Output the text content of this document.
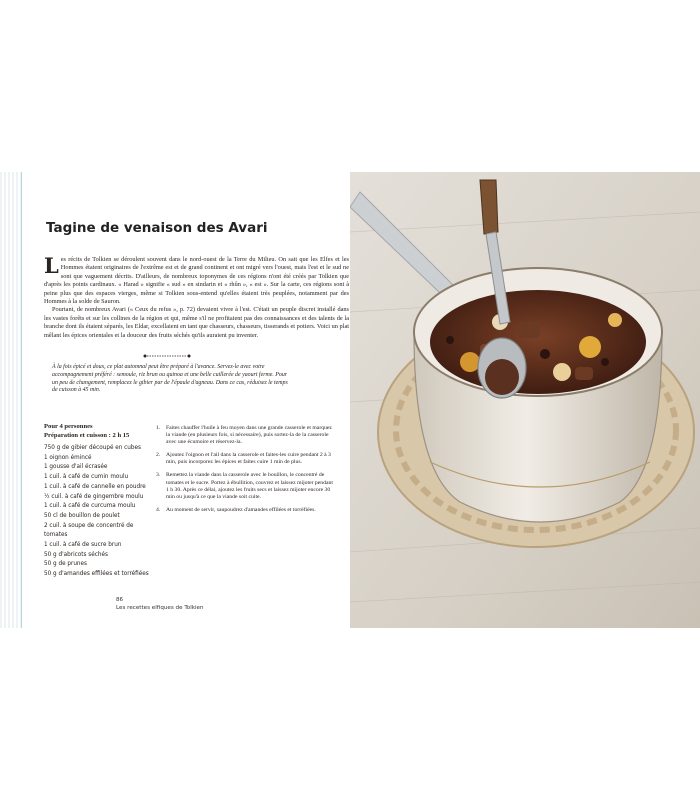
Tagine de venaison des Avari

Les récits de Tolkien se déroulent souvent dans le nord-ouest de la Terre du Milieu. On sait que les Elfes et les Hommes étaient originaires de l'extrême est et de grand continent et ont migré vers l'ouest, mais l'est et le sud ne sont que vaguement décrits. D'ailleurs, de nombreux toponymes de ces régions n'ont été créés par Tolkien que d'après les points cardinaux. « Harad » signifie « sud » en sindarin et « rhûn », « est ». Sur la carte, ces régions sont à peine plus que des espaces vierges, même si Tolkien sous-entend qu'elles étaient très peuplées, notamment par des Hommes à la solde de Sauron.

Pourtant, de nombreux Avari (« Ceux du refus », p. 72) devaient vivre à l'est. C'était un peuple discret installé dans les vastes forêts et sur les collines de la région et qui, même s'il ne profitaient pas des connaissances et des talents de la branche dont ils étaient séparés, les Eldar, excellaient en tant que chasseurs, chasseurs, tisserands et potiers. Voici un plat mêlant les épices orientales et la douceur des fruits séchés qu'ils auraient pu inventer.

À la fois épicé et doux, ce plat automnal peut être préparé à l'avance. Servez-le avec votre accompagnement préféré : semoule, riz brun ou quinoa et une belle cuillerée de yaourt ferme. Pour un peu de changement, remplacez le gibier par de l'épaule d'agneau. Dans ce cas, réduisez le temps de cuisson à 45 min.
Pour 4 personnes
Préparation et cuisson : 2 h 15
750 g de gibier découpé en cubes
1 oignon émincé
1 gousse d'ail écrasée
1 cuil. à café de cumin moulu
1 cuil. à café de cannelle en poudre
½ cuil. à café de gingembre moulu
1 cuil. à café de curcuma moulu
50 cl de bouillon de poulet
2 cuil. à soupe de concentré de
tomates
1 cuil. à café de sucre brun
50 g d'abricots séchés
50 g de prunes
50 g d'amandes effilées et torréfiées
1.	Faites chauffer l'huile à feu moyen dans une grande casserole et marquez la viande (en plusieurs fois, si nécessaire), puis sortez-la de la casserole avec une écumoire et réservez-la.
2.	Ajoutez l'oignon et l'ail dans la casserole et faites-les cuire pendant 2 à 3 min, puis incorporez les épices et faites cuire 1 min de plus.
3.	Remettez la viande dans la casserole avec le bouillon, le concentré de tomates et le sucre. Portez à ébullition, couvrez et laissez mijoter pendant 1 h 30. Après ce délai, ajoutez les fruits secs et laissez mijoter encore 30 min ou jusqu'à ce que la viande soit cuite.
4.	Au moment de servir, saupoudrez d'amandes effilées et torréfiées.
86
Les recettes elfiques de Tolkien
